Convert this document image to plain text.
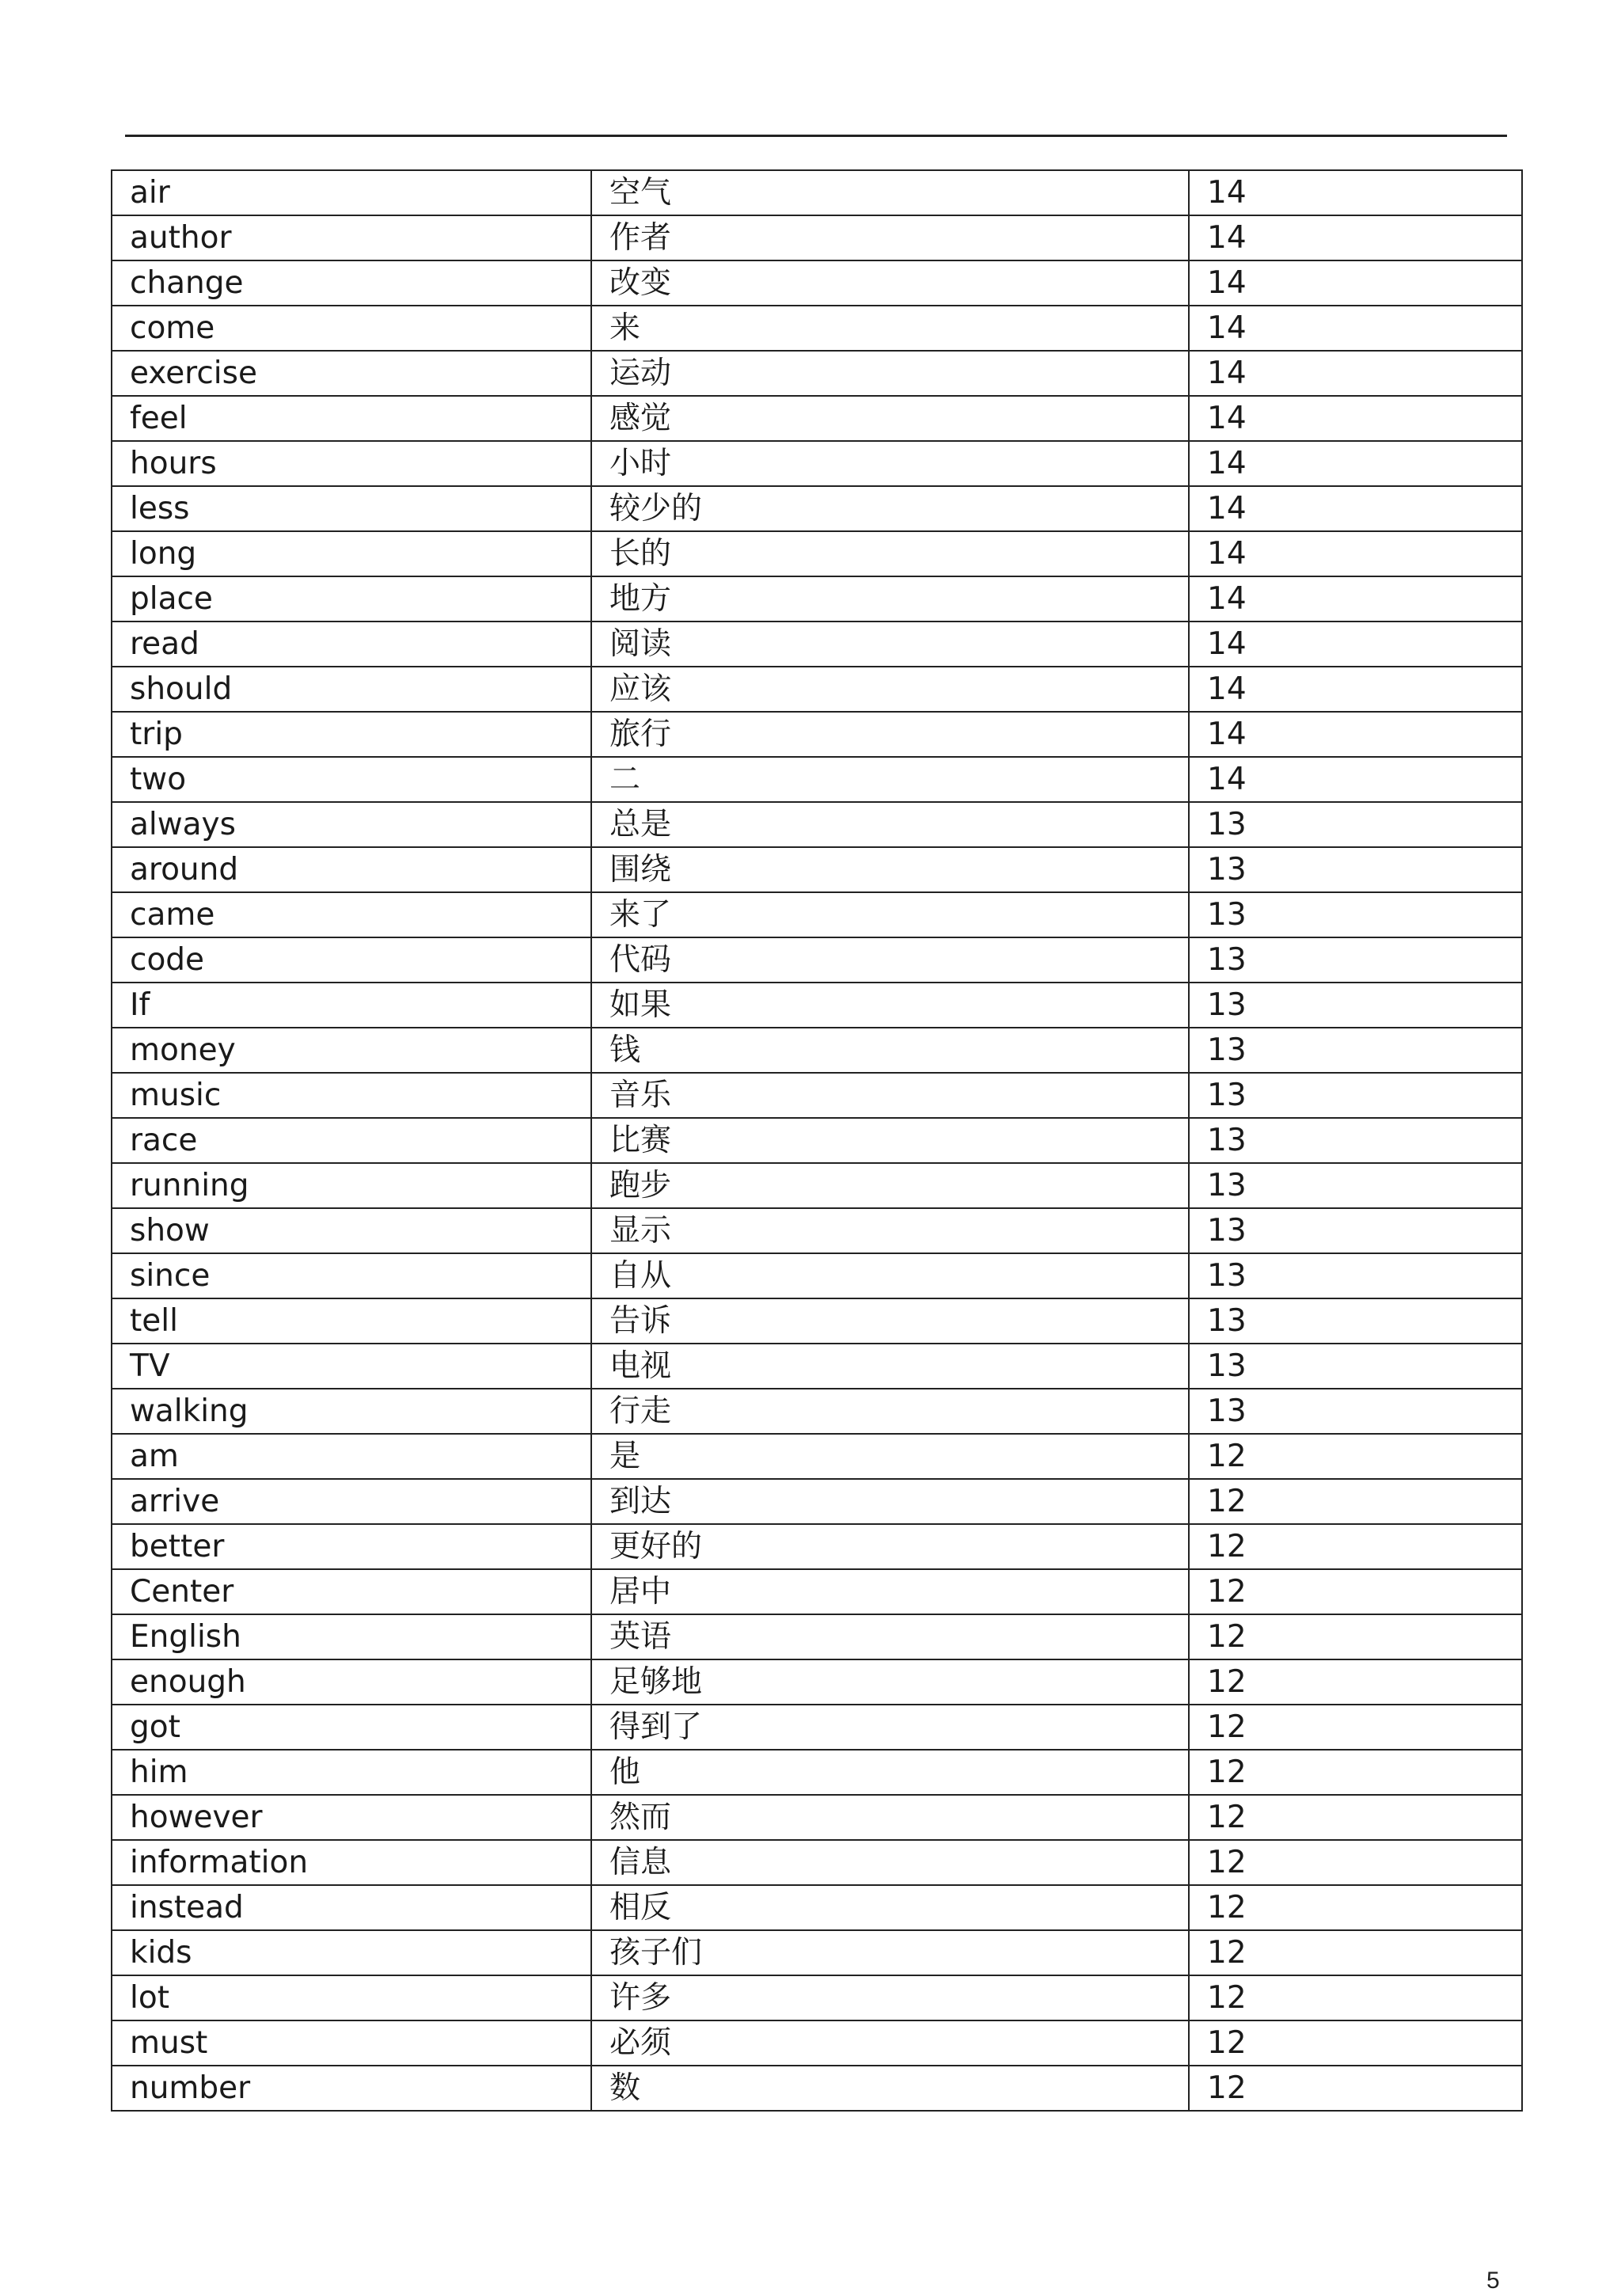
air	空气	14
author	作者	14
change	改变	14
come	来	14
exercise	运动	14
feel	感觉	14
hours	小时	14
less	较少的	14
long	长的	14
place	地方	14
read	阅读	14
should	应该	14
trip	旅行	14
two	二	14
always	总是	13
around	围绕	13
came	来了	13
code	代码	13
If	如果	13
money	钱	13
music	音乐	13
race	比赛	13
running	跑步	13
show	显示	13
since	自从	13
tell	告诉	13
TV	电视	13
walking	行走	13
am	是	12
arrive	到达	12
better	更好的	12
Center	居中	12
English	英语	12
enough	足够地	12
got	得到了	12
him	他	12
however	然而	12
information	信息	12
instead	相反	12
kids	孩子们	12
lot	许多	12
must	必须	12
number	数	12
5
